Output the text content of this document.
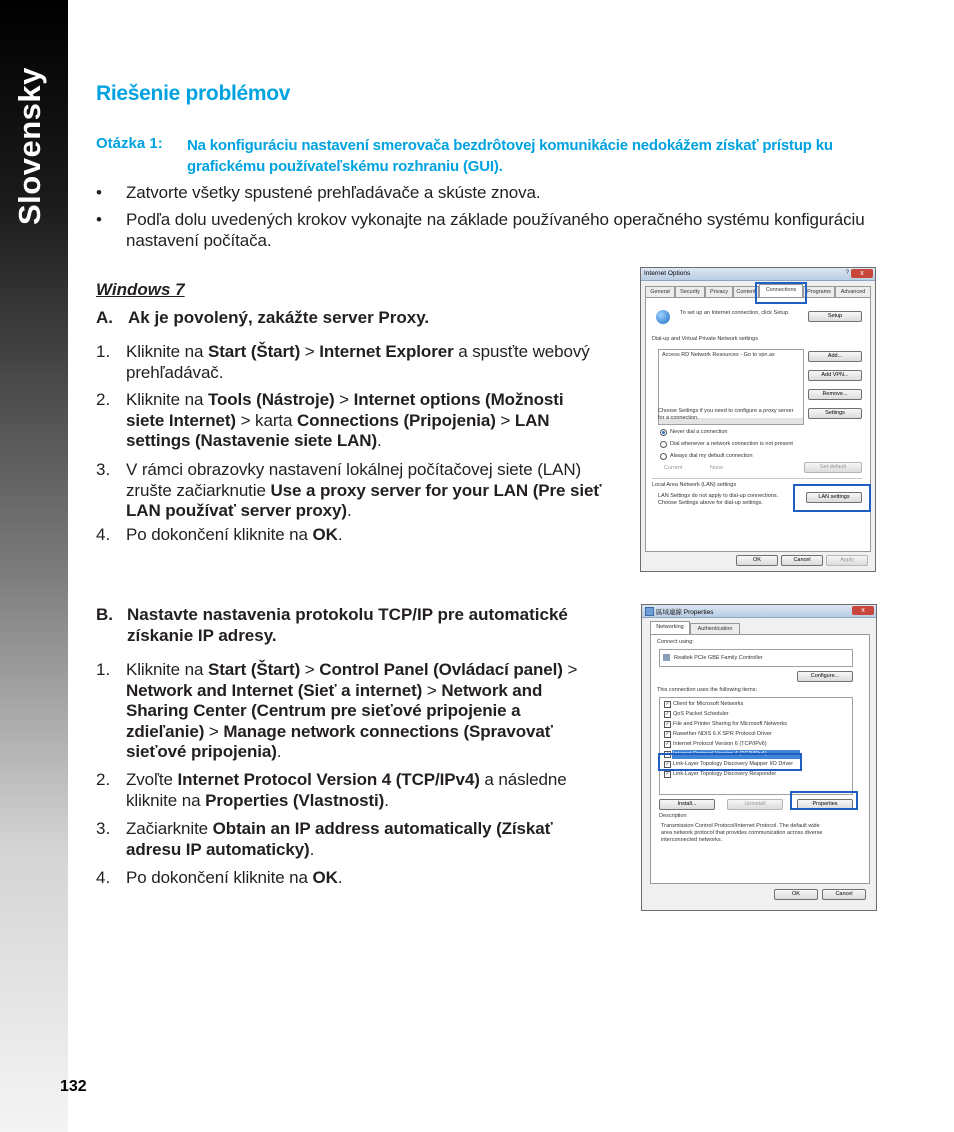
Slovensky
132
Riešenie problémov
Otázka 1: Na konfiguráciu nastavení smerovača bezdrôtovej komunikácie nedokážem získať prístup ku grafickému používateľskému rozhraniu (GUI).
• Zatvorte všetky spustené prehľadávače a skúste znova.
• Podľa dolu uvedených krokov vykonajte na základe používaného operačného systému konfiguráciu nastavení počítača.
Windows 7
A. Ak je povolený, zakážte server Proxy.
1. Kliknite na Start (Štart) > Internet Explorer a spusťte webový prehľadávač.
2. Kliknite na Tools (Nástroje) > Internet options (Možnosti siete Internet) > karta Connections (Pripojenia) > LAN settings (Nastavenie siete LAN).
3. V rámci obrazovky nastavení lokálnej počítačovej siete (LAN) zrušte začiarknutie Use a proxy server for your LAN (Pre sieť LAN používať server proxy).
4. Po dokončení kliknite na OK.
B. Nastavte nastavenia protokolu TCP/IP pre automatické získanie IP adresy.
1. Kliknite na Start (Štart) > Control Panel (Ovládací panel) > Network and Internet (Sieť a internet) > Network and Sharing Center (Centrum pre sieťové pripojenie a zdieľanie) > Manage network connections (Spravovať sieťové pripojenia).
2. Zvoľte Internet Protocol Version 4 (TCP/IPv4) a následne kliknite na Properties (Vlastnosti).
3. Začiarknite Obtain an IP address automatically (Získať adresu IP automaticky).
4. Po dokončení kliknite na OK.
Internet Options	?	x
General	Security	Privacy	Content	Connections	Programs	Advanced
To set up an Internet connection, click Setup.	Setup
Dial-up and Virtual Private Network settings
Access RD Network Resources - Go to vpn.as	Add...
Add VPN...
Remove...
Choose Settings if you need to configure a proxy server for a connection.
Settings
Never dial a connection
Dial whenever a network connection is not present
Always dial my default connection
Current	None	Set default
Local Area Network (LAN) settings
LAN Settings do not apply to dial-up connections. Choose Settings above for dial-up settings.
LAN settings
OK	Cancel	Apply
區域連線 Properties	x
Networking	Authentication
Connect using:
Realtek PCIe GBE Family Controller
Configure...
This connection uses the following items:
✓ Client for Microsoft Networks
✓ QoS Packet Scheduler
✓ File and Printer Sharing for Microsoft Networks
✓ Rawether NDIS 6.X SPR Protocol Driver
✓ Internet Protocol Version 6 (TCP/IPv6)
✓ Internet Protocol Version 4 (TCP/IPv4)
✓ Link-Layer Topology Discovery Mapper I/O Driver
✓ Link-Layer Topology Discovery Responder
Install...	Uninstall	Properties
Description
Transmission Control Protocol/Internet Protocol. The default wide area network protocol that provides communication across diverse interconnected networks.
OK	Cancel
